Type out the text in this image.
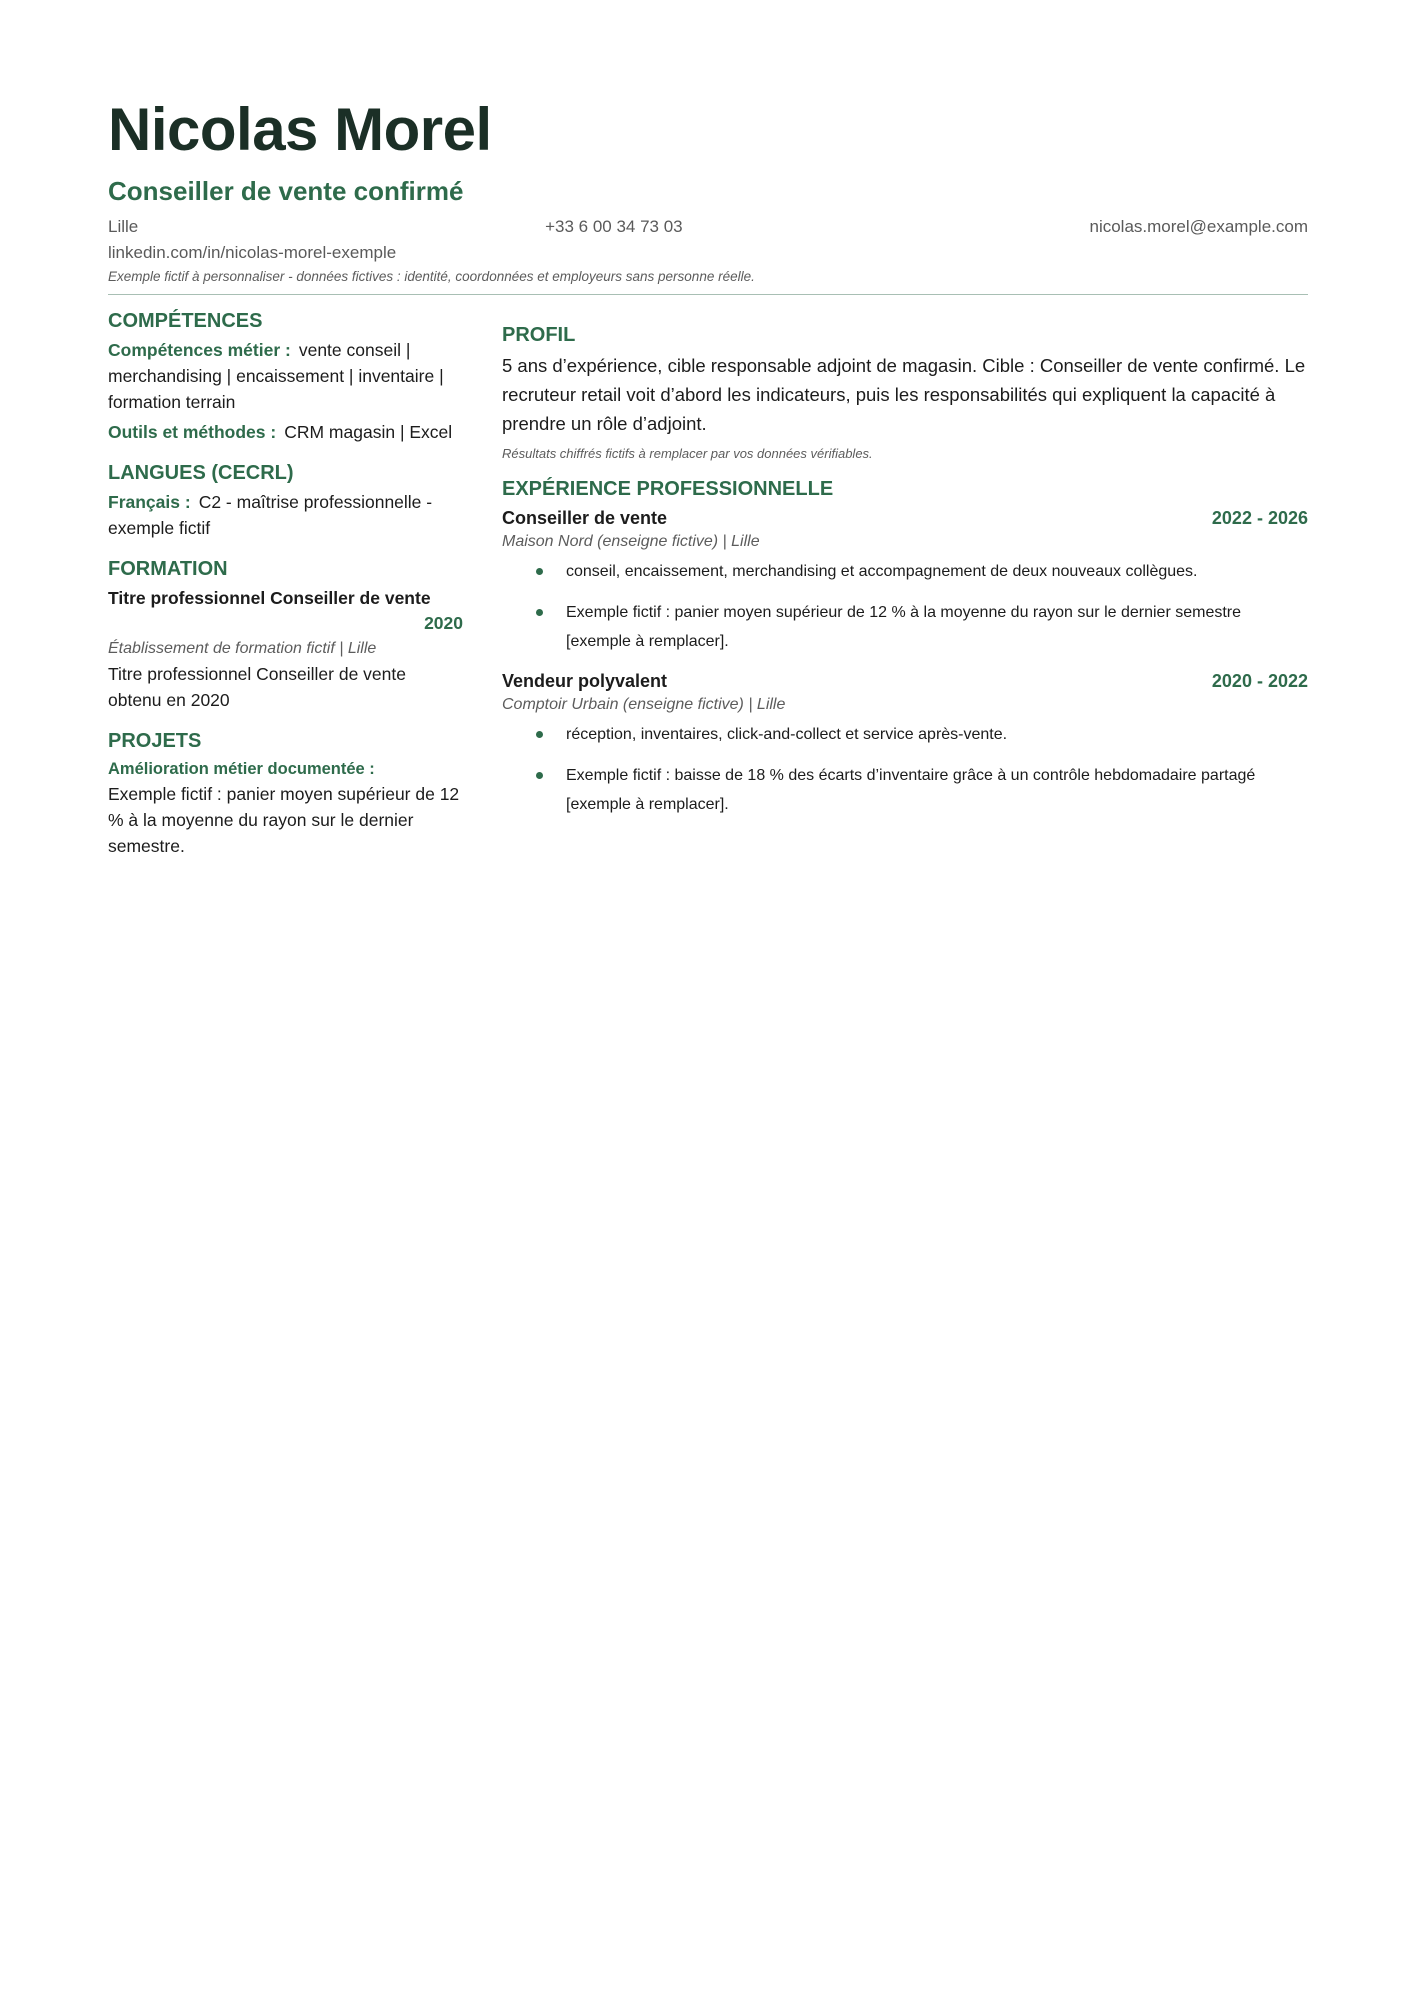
Nicolas Morel
Conseiller de vente confirmé
Lille	+33 6 00 34 73 03	nicolas.morel@example.com
linkedin.com/in/nicolas-morel-exemple
Exemple fictif à personnaliser - données fictives : identité, coordonnées et employeurs sans personne réelle.
COMPÉTENCES
Compétences métier : vente conseil | merchandising | encaissement | inventaire | formation terrain
Outils et méthodes : CRM magasin | Excel
LANGUES (CECRL)
Français : C2 - maîtrise professionnelle - exemple fictif
FORMATION
Titre professionnel Conseiller de vente
2020
Établissement de formation fictif | Lille
Titre professionnel Conseiller de vente obtenu en 2020
PROJETS
Amélioration métier documentée :
Exemple fictif : panier moyen supérieur de 12 % à la moyenne du rayon sur le dernier semestre.
PROFIL
5 ans d’expérience, cible responsable adjoint de magasin. Cible : Conseiller de vente confirmé. Le recruteur retail voit d’abord les indicateurs, puis les responsabilités qui expliquent la capacité à prendre un rôle d’adjoint.
Résultats chiffrés fictifs à remplacer par vos données vérifiables.
EXPÉRIENCE PROFESSIONNELLE
Conseiller de vente	2022 - 2026
Maison Nord (enseigne fictive) | Lille
conseil, encaissement, merchandising et accompagnement de deux nouveaux collègues.
Exemple fictif : panier moyen supérieur de 12 % à la moyenne du rayon sur le dernier semestre [exemple à remplacer].
Vendeur polyvalent	2020 - 2022
Comptoir Urbain (enseigne fictive) | Lille
réception, inventaires, click-and-collect et service après-vente.
Exemple fictif : baisse de 18 % des écarts d’inventaire grâce à un contrôle hebdomadaire partagé [exemple à remplacer].
